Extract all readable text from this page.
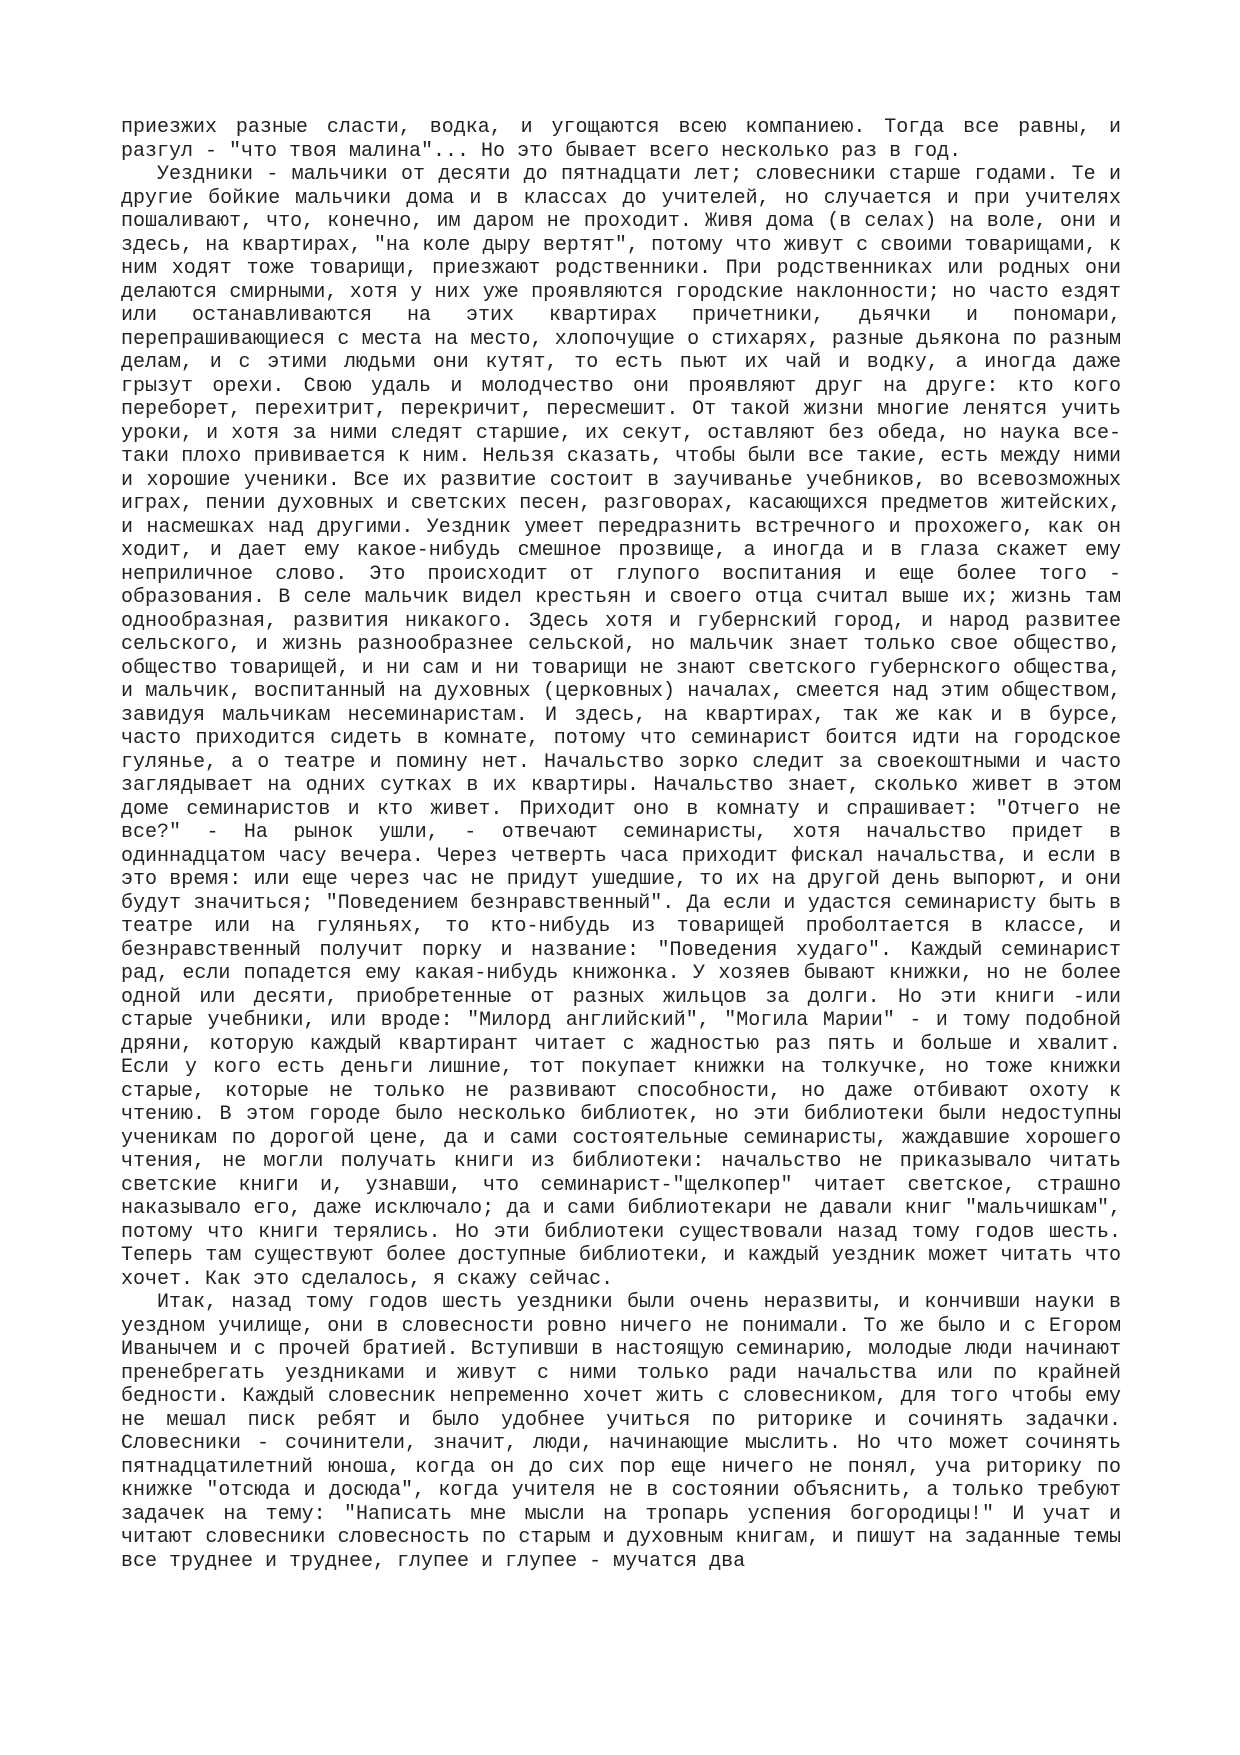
приезжих разные сласти, водка, и угощаются всею компаниею. Тогда все равны, и разгул - "что твоя малина"... Но это бывает всего несколько раз в год.

Уездники - мальчики от десяти до пятнадцати лет; словесники старше годами. Те и другие бойкие мальчики дома и в классах до учителей, но случается и при учителях пошаливают, что, конечно, им даром не проходит. Живя дома (в селах) на воле, они и здесь, на квартирах, "на коле дыру вертят", потому что живут с своими товарищами, к ним ходят тоже товарищи, приезжают родственники. При родственниках или родных они делаются смирными, хотя у них уже проявляются городские наклонности; но часто ездят или останавливаются на этих квартирах причетники, дьячки и пономари, перепрашивающиеся с места на место, хлопочущие о стихарях, разные дьякона по разным делам, и с этими людьми они кутят, то есть пьют их чай и водку, а иногда даже грызут орехи. Свою удаль и молодчество они проявляют друг на друге: кто кого переборет, перехитрит, перекричит, пересмешит. От такой жизни многие ленятся учить уроки, и хотя за ними следят старшие, их секут, оставляют без обеда, но наука все-таки плохо прививается к ним. Нельзя сказать, чтобы были все такие, есть между ними и хорошие ученики. Все их развитие состоит в заучиванье учебников, во всевозможных играх, пении духовных и светских песен, разговорах, касающихся предметов житейских, и насмешках над другими. Уездник умеет передразнить встречного и прохожего, как он ходит, и дает ему какое-нибудь смешное прозвище, а иногда и в глаза скажет ему неприличное слово. Это происходит от глупого воспитания и еще более того - образования. В селе мальчик видел крестьян и своего отца считал выше их; жизнь там однообразная, развития никакого. Здесь хотя и губернский город, и народ развитее сельского, и жизнь разнообразнее сельской, но мальчик знает только свое общество, общество товарищей, и ни сам и ни товарищи не знают светского губернского общества, и мальчик, воспитанный на духовных (церковных) началах, смеется над этим обществом, завидуя мальчикам несеминаристам. И здесь, на квартирах, так же как и в бурсе, часто приходится сидеть в комнате, потому что семинарист боится идти на городское гулянье, а о театре и помину нет. Начальство зорко следит за своекоштными и часто заглядывает на одних сутках в их квартиры. Начальство знает, сколько живет в этом доме семинаристов и кто живет. Приходит оно в комнату и спрашивает: "Отчего не все?" - На рынок ушли, - отвечают семинаристы, хотя начальство придет в одиннадцатом часу вечера. Через четверть часа приходит фискал начальства, и если в это время: или еще через час не придут ушедшие, то их на другой день выпорют, и они будут значиться; "Поведением безнравственный". Да если и удастся семинаристу быть в театре или на гуляньях, то кто-нибудь из товарищей проболтается в классе, и безнравственный получит порку и название: "Поведения худаго". Каждый семинарист рад, если попадется ему какая-нибудь книжонка. У хозяев бывают книжки, но не более одной или десяти, приобретенные от разных жильцов за долги. Но эти книги -или старые учебники, или вроде: "Милорд английский", "Могила Марии" - и тому подобной дряни, которую каждый квартирант читает с жадностью раз пять и больше и хвалит. Если у кого есть деньги лишние, тот покупает книжки на толкучке, но тоже книжки старые, которые не только не развивают способности, но даже отбивают охоту к чтению. В этом городе было несколько библиотек, но эти библиотеки были недоступны ученикам по дорогой цене, да и сами состоятельные семинаристы, жаждавшие хорошего чтения, не могли получать книги из библиотеки: начальство не приказывало читать светские книги и, узнавши, что семинарист-"щелкопер" читает светское, страшно наказывало его, даже исключало; да и сами библиотекари не давали книг "мальчишкам", потому что книги терялись. Но эти библиотеки существовали назад тому годов шесть. Теперь там существуют более доступные библиотеки, и каждый уездник может читать что хочет. Как это сделалось, я скажу сейчас.

Итак, назад тому годов шесть уездники были очень неразвиты, и кончивши науки в уездном училище, они в словесности ровно ничего не понимали. То же было и с Егором Иванычем и с прочей братией. Вступивши в настоящую семинарию, молодые люди начинают пренебрегать уездниками и живут с ними только ради начальства или по крайней бедности. Каждый словесник непременно хочет жить с словесником, для того чтобы ему не мешал писк ребят и было удобнее учиться по риторике и сочинять задачки. Словесники - сочинители, значит, люди, начинающие мыслить. Но что может сочинять пятнадцатилетний юноша, когда он до сих пор еще ничего не понял, уча риторику по книжке "отсюда и досюда", когда учителя не в состоянии объяснить, а только требуют задачек на тему: "Написать мне мысли на тропарь успения богородицы!" И учат и читают словесники словесность по старым и духовным книгам, и пишут на заданные темы все труднее и труднее, глупее и глупее - мучатся два
